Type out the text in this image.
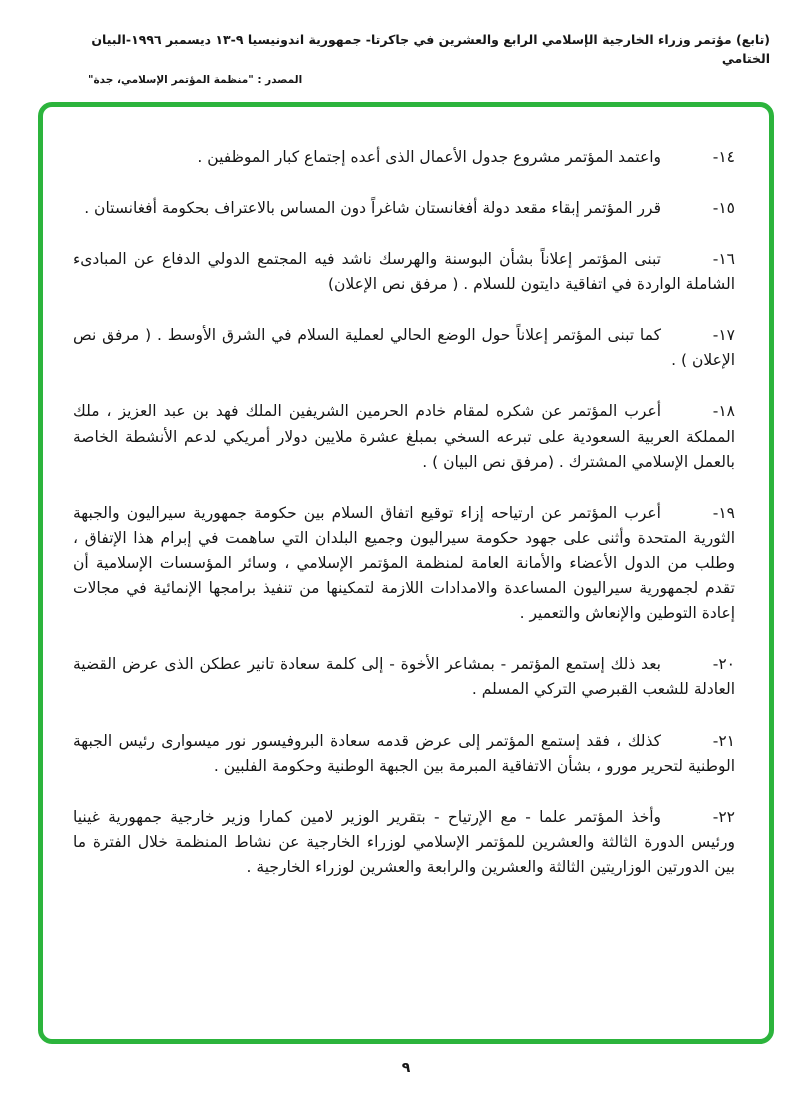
(تابع) مؤتمر وزراء الخارجية الإسلامي الرابع والعشرين في جاكرتا- جمهورية اندونيسيا ٩-١٣ ديسمبر ١٩٩٦-البيان الختامي
المصدر : "منظمة المؤتمر الإسلامي، جدة"

١٤-واعتمد المؤتمر مشروع جدول الأعمال الذى أعده إجتماع كبار الموظفين .

١٥-قرر المؤتمر إبقاء مقعد دولة أفغانستان شاغراً دون المساس بالاعتراف بحكومة أفغانستان .

١٦-تبنى المؤتمر إعلاناً بشأن البوسنة والهرسك ناشد فيه المجتمع الدولي الدفاع عن المبادىء الشاملة الواردة في اتفاقية دايتون للسلام . ( مرفق نص الإعلان)

١٧-كما تبنى المؤتمر إعلاناً حول الوضع الحالي لعملية السلام في الشرق الأوسط . ( مرفق نص الإعلان ) .

١٨-أعرب المؤتمر عن شكره لمقام خادم الحرمين الشريفين الملك فهد بن عبد العزيز ، ملك المملكة العربية السعودية على تبرعه السخي بمبلغ عشرة ملايين دولار أمريكي لدعم الأنشطة الخاصة بالعمل الإسلامي المشترك . (مرفق نص البيان ) .

١٩-أعرب المؤتمر عن ارتياحه إزاء توقيع اتفاق السلام بين حكومة جمهورية سيراليون والجبهة الثورية المتحدة وأثنى على جهود حكومة سيراليون وجميع البلدان التي ساهمت في إبرام هذا الإتفاق ، وطلب من الدول الأعضاء والأمانة العامة لمنظمة المؤتمر الإسلامي ، وسائر المؤسسات الإسلامية أن تقدم لجمهورية سيراليون المساعدة والامدادات اللازمة لتمكينها من تنفيذ برامجها الإنمائية في مجالات إعادة التوطين والإنعاش والتعمير .

٢٠-بعد ذلك إستمع المؤتمر - بمشاعر الأخوة - إلى كلمة سعادة تانير عطكن الذى عرض القضية العادلة للشعب القبرصي التركي المسلم .

٢١-كذلك ، فقد إستمع المؤتمر إلى عرض قدمه سعادة البروفيسور نور ميسوارى رئيس الجبهة الوطنية لتحرير مورو ، بشأن الاتفاقية المبرمة بين الجبهة الوطنية وحكومة الفلبين .

٢٢-وأخذ المؤتمر علما - مع الإرتياح - بتقرير الوزير لامين كمارا وزير خارجية جمهورية غينيا ورئيس الدورة الثالثة والعشرين للمؤتمر الإسلامي لوزراء الخارجية عن نشاط المنظمة خلال الفترة ما بين الدورتين الوزاريتين الثالثة والعشرين والرابعة والعشرين لوزراء الخارجية .

٩
